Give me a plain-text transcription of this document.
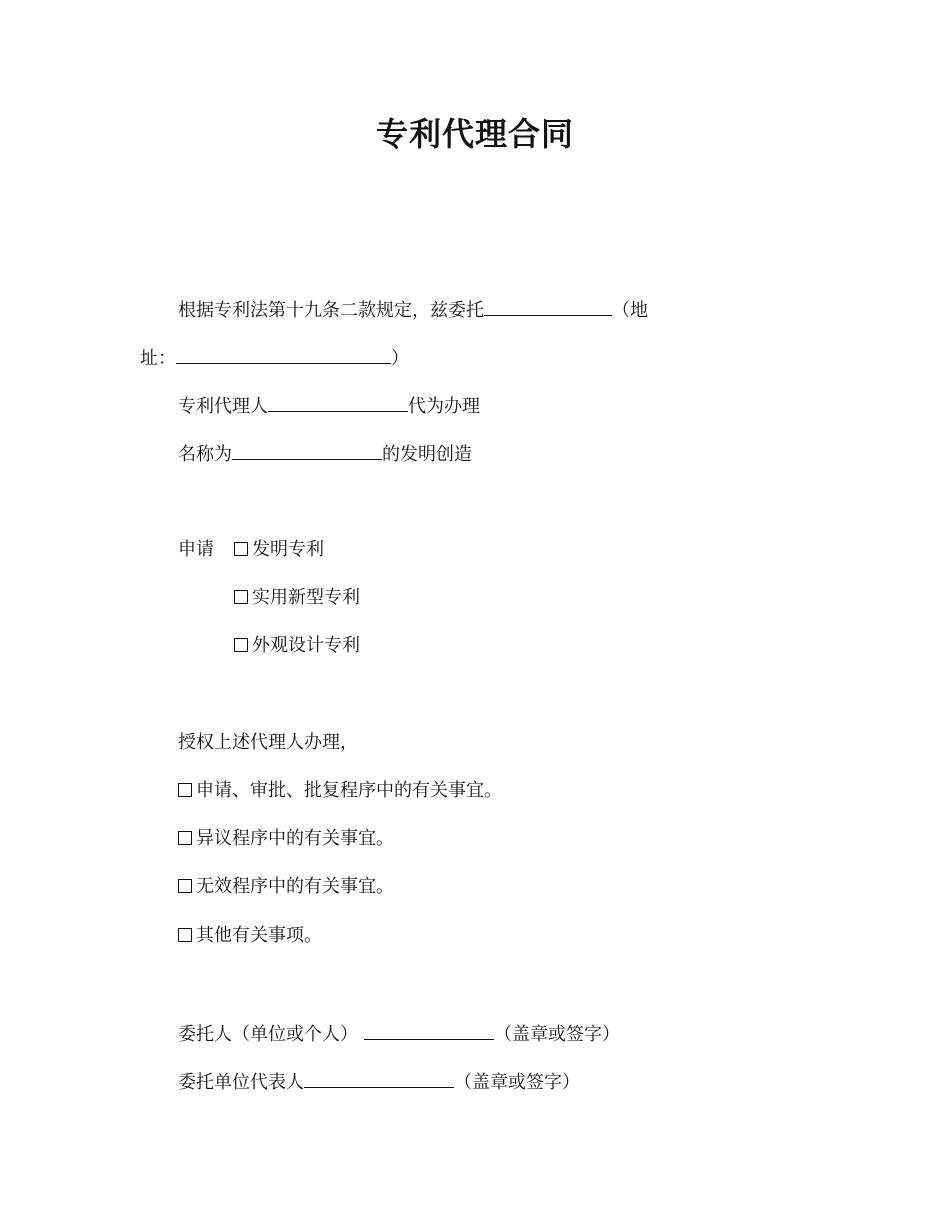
专利代理合同
根据专利法第十九条二款规定，兹委托	（地
址：	）
专利代理人	代为办理
名称为	的发明创造
申请 发明专利
实用新型专利
外观设计专利
授权上述代理人办理，
申请、审批、批复程序中的有关事宜。
异议程序中的有关事宜。
无效程序中的有关事宜。
其他有关事项。
委托人（单位或个人）	（盖章或签字）
委托单位代表人	（盖章或签字）
